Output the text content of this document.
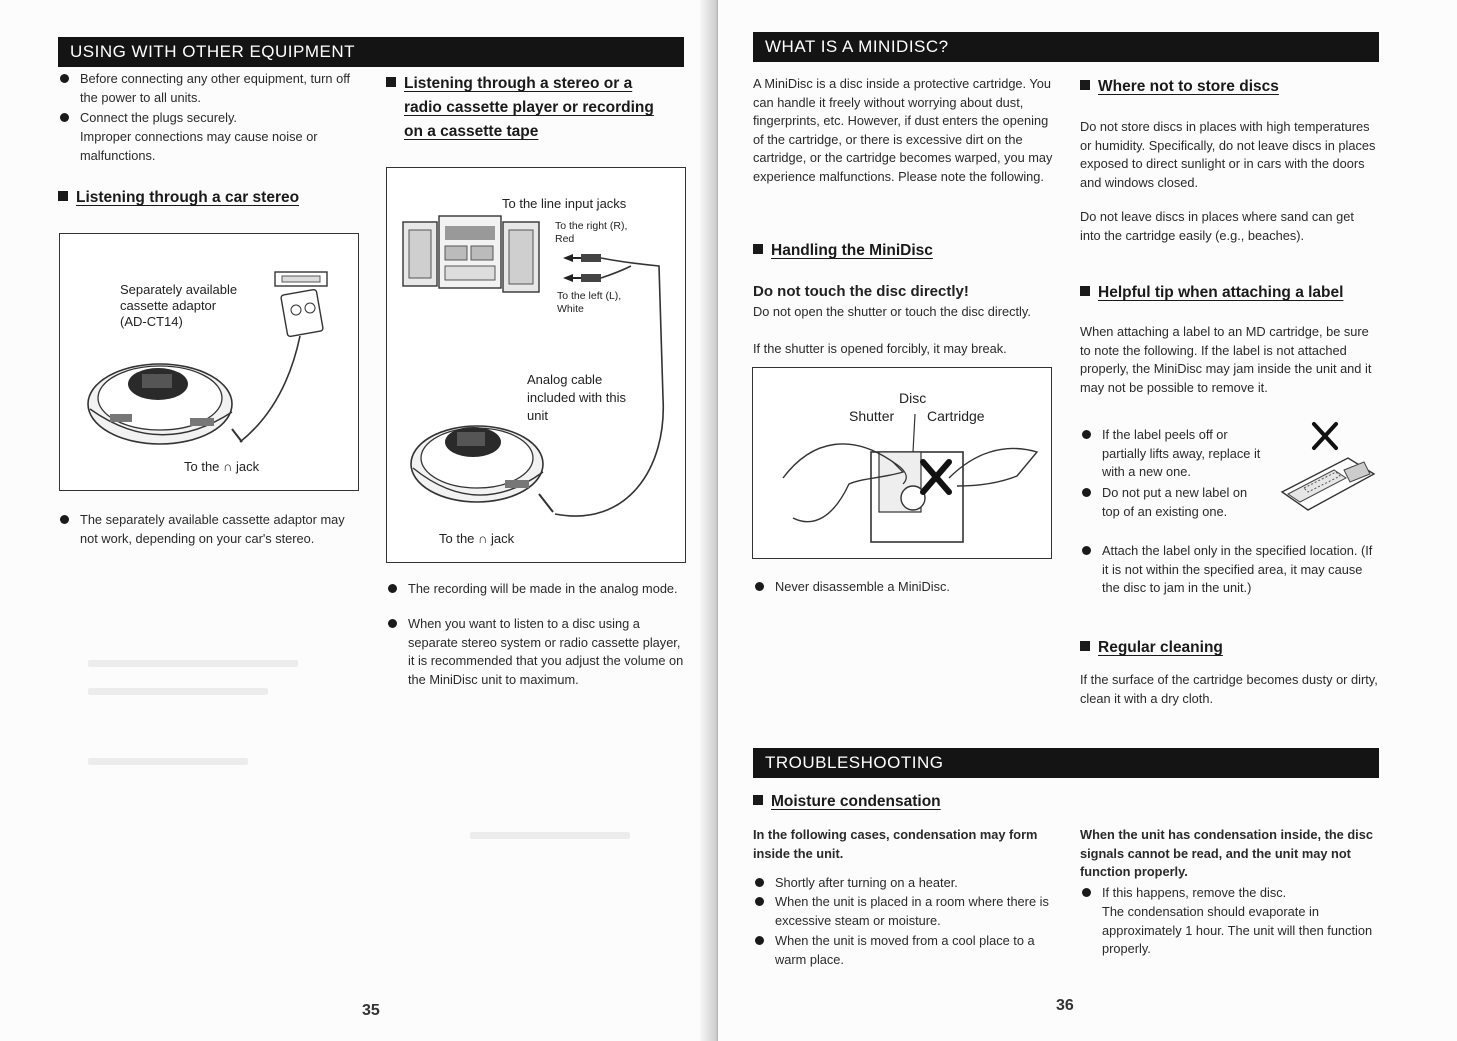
USING WITH OTHER EQUIPMENT
Before connecting any other equipment, turn off the power to all units.
Connect the plugs securely.
Improper connections may cause noise or malfunctions.
Listening through a car stereo
Separately available
cassette adaptor
(AD-CT14)
To the ∩ jack
The separately available cassette adaptor may not work, depending on your car's stereo.
Listening through a stereo or a
radio cassette player or recording
on a cassette tape
To the line input jacks
To the right (R),
Red
To the left (L),
White
Analog cable
included with this
unit
To the ∩ jack
The recording will be made in the analog mode.
When you want to listen to a disc using a separate stereo system or radio cassette player, it is recommended that you adjust the volume on the MiniDisc unit to maximum.
35
WHAT IS A MINIDISC?
A MiniDisc is a disc inside a protective cartridge. You can handle it freely without worrying about dust, fingerprints, etc. However, if dust enters the opening of the cartridge, or there is excessive dirt on the cartridge, or the cartridge becomes warped, you may experience malfunctions. Please note the following.
Handling the MiniDisc
Do not touch the disc directly!
Do not open the shutter or touch the disc directly.
If the shutter is opened forcibly, it may break.
Disc
Shutter Cartridge
Never disassemble a MiniDisc.
Where not to store discs
Do not store discs in places with high temperatures or humidity. Specifically, do not leave discs in places exposed to direct sunlight or in cars with the doors and windows closed.
Do not leave discs in places where sand can get into the cartridge easily (e.g., beaches).
Helpful tip when attaching a label
When attaching a label to an MD cartridge, be sure to note the following. If the label is not attached properly, the MiniDisc may jam inside the unit and it may not be possible to remove it.
If the label peels off or partially lifts away, replace it with a new one.
Do not put a new label on top of an existing one.
Attach the label only in the specified location. (If it is not within the specified area, it may cause the disc to jam in the unit.)
Regular cleaning
If the surface of the cartridge becomes dusty or dirty, clean it with a dry cloth.
TROUBLESHOOTING
Moisture condensation
In the following cases, condensation may form inside the unit.
Shortly after turning on a heater.
When the unit is placed in a room where there is excessive steam or moisture.
When the unit is moved from a cool place to a warm place.
When the unit has condensation inside, the disc signals cannot be read, and the unit may not function properly.
If this happens, remove the disc.
The condensation should evaporate in approximately 1 hour. The unit will then function properly.
36
